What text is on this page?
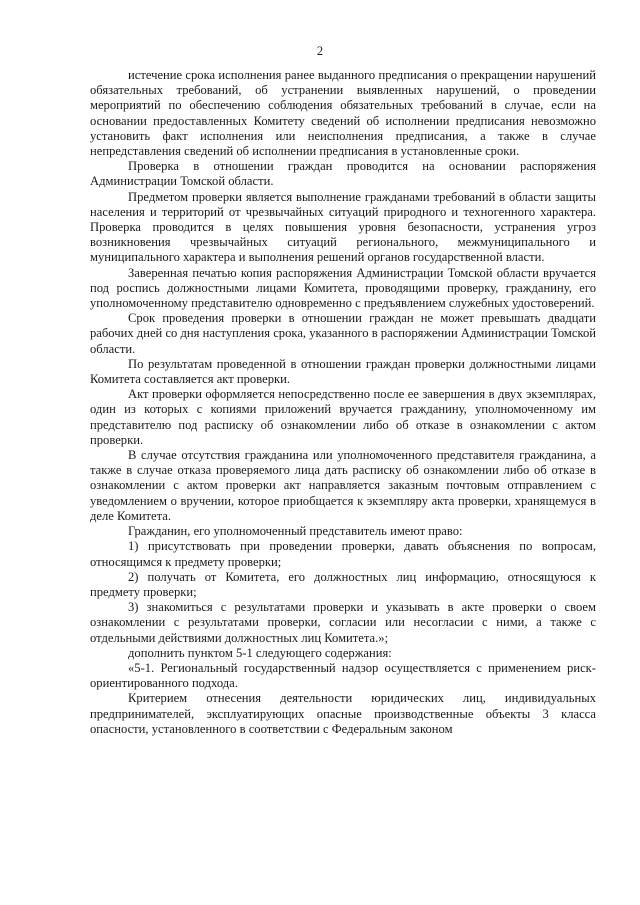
2

истечение срока исполнения ранее выданного предписания о прекращении нарушений обязательных требований, об устранении выявленных нарушений, о проведении мероприятий по обеспечению соблюдения обязательных требований в случае, если на основании предоставленных Комитету сведений об исполнении предписания невозможно установить факт исполнения или неисполнения предписания, а также в случае непредставления сведений об исполнении предписания в установленные сроки.

Проверка в отношении граждан проводится на основании распоряжения Администрации Томской области.

Предметом проверки является выполнение гражданами требований в области защиты населения и территорий от чрезвычайных ситуаций природного и техногенного характера. Проверка проводится в целях повышения уровня безопасности, устранения угроз возникновения чрезвычайных ситуаций регионального, межмуниципального и муниципального характера и выполнения решений органов государственной власти.

Заверенная печатью копия распоряжения Администрации Томской области вручается под роспись должностными лицами Комитета, проводящими проверку, гражданину, его уполномоченному представителю одновременно с предъявлением служебных удостоверений.

Срок проведения проверки в отношении граждан не может превышать двадцати рабочих дней со дня наступления срока, указанного в распоряжении Администрации Томской области.

По результатам проведенной в отношении граждан проверки должностными лицами Комитета составляется акт проверки.

Акт проверки оформляется непосредственно после ее завершения в двух экземплярах, один из которых с копиями приложений вручается гражданину, уполномоченному им представителю под расписку об ознакомлении либо об отказе в ознакомлении с актом проверки.

В случае отсутствия гражданина или уполномоченного представителя гражданина, а также в случае отказа проверяемого лица дать расписку об ознакомлении либо об отказе в ознакомлении с актом проверки акт направляется заказным почтовым отправлением с уведомлением о вручении, которое приобщается к экземпляру акта проверки, хранящемуся в деле Комитета.

Гражданин, его уполномоченный представитель имеют право:

1) присутствовать при проведении проверки, давать объяснения по вопросам, относящимся к предмету проверки;

2) получать от Комитета, его должностных лиц информацию, относящуюся к предмету проверки;

3) знакомиться с результатами проверки и указывать в акте проверки о своем ознакомлении с результатами проверки, согласии или несогласии с ними, а также с отдельными действиями должностных лиц Комитета.»;

дополнить пунктом 5-1 следующего содержания:

«5-1. Региональный государственный надзор осуществляется с применением риск-ориентированного подхода.

Критерием отнесения деятельности юридических лиц, индивидуальных предпринимателей, эксплуатирующих опасные производственные объекты 3 класса опасности, установленного в соответствии с Федеральным законом
